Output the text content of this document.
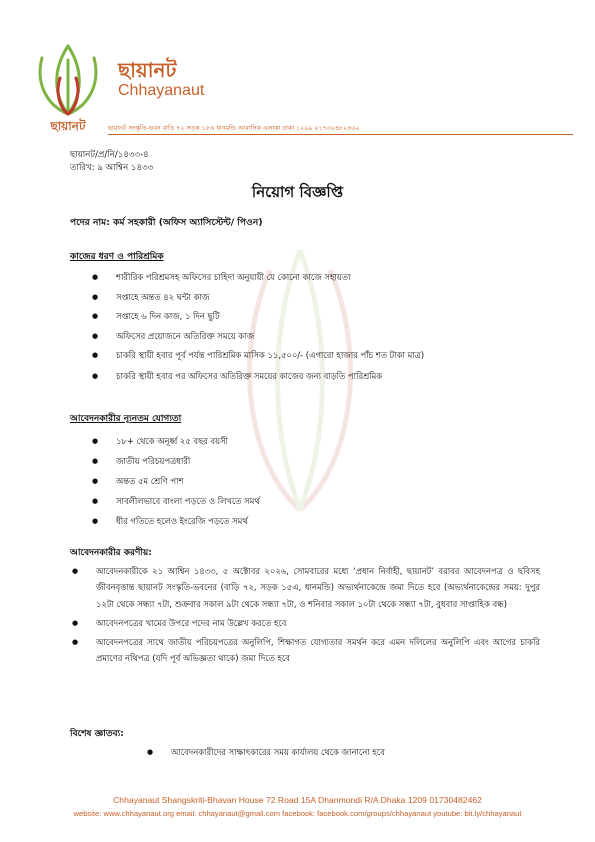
ছায়ানট
ছায়ানট
Chhayanaut
ছায়ানট সংস্কৃতি-ভবন বাড়ি ৭২ সড়ক ১৫এ ধানমন্ডি আবাসিক এলাকা ঢাকা ১২০৯ ০১৭৩০৪৮২৪৬২
ছায়ানট/প্র/নি/১৪৩৩-৪
তারিখ: ৯ আশ্বিন ১৪৩৩
নিয়োগ বিজ্ঞপ্তি
পদের নাম: কর্ম সহকারী (অফিস অ্যাসিস্টেন্ট/ পিওন)
কাজের ধরণ ও পারিশ্রমিক
● শারীরিক পরিশ্রমসহ অফিসের চাহিদা অনুযায়ী যে কোনো কাজে সহায়তা
● সপ্তাহে অন্তত ৪২ ঘন্টা কাজ
● সপ্তাহে ৬ দিন কাজ, ১ দিন ছুটি
● অফিসের প্রয়োজনে অতিরিক্ত সময়ে কাজ
● চাকরি স্থায়ী হবার পূর্ব পর্যন্ত পারিশ্রমিক মাসিক ১১,৫০০/- (এগারো হাজার পাঁচ শত টাকা মাত্র)
● চাকরি স্থায়ী হবার পর অফিসের অতিরিক্ত সময়ের কাজের জন্য বাড়তি পারিশ্রমিক
আবেদনকারীর ন্যূনতম যোগ্যতা
● ১৮+ থেকে অনূর্ধ্ব ২৫ বছর বয়সী
● জাতীয় পরিচয়পত্রধারী
● অন্তত ৫ম শ্রেণি পাশ
● সাবলীলভাবে বাংলা পড়তে ও লিখতে সমর্থ
● ধীর গতিতে হলেও ইংরেজি পড়তে সমর্থ
আবেদনকারীর করণীয়:
● আবেদনকারীকে ২১ আশ্বিন ১৪৩৩, ৫ অক্টোবর ২০২৬, সোমবারের মধ্যে ‘প্রধান নির্বাহী, ছায়ানট’ বরাবর আবেদনপত্র ও ছবিসহ জীবনবৃত্তান্ত ছায়ানট সংস্কৃতি-ভবনের (বাড়ি ৭২, সড়ক ১৫এ, ধানমন্ডি) অভ্যর্থনাকেন্দ্রে জমা দিতে হবে (অভ্যর্থনাকেন্দ্রের সময়: দুপুর ১২টা থেকে সন্ধ্যা ৭টা, শুক্রবার সকাল ৯টা থেকে সন্ধ্যা ৭টা, ও শনিবার সকাল ১০টা থেকে সন্ধ্যা ৭টা, বুধবার সাপ্তাহিক বন্ধ)
● আবেদনপত্রের খামের উপরে পদের নাম উল্লেখ করতে হবে
● আবেদনপত্রের সাথে জাতীয় পরিচয়পত্রের অনুলিপি, শিক্ষাগত যোগ্যতার সমর্থন করে এমন দলিলের অনুলিপি এবং আগের চাকরি প্রমাণের নথিপত্র (যদি পূর্ব অভিজ্ঞতা থাকে) জমা দিতে হবে
বিশেষ জ্ঞাতব্য:
● আবেদনকারীদের সাক্ষাৎকারের সময় কার্যালয় থেকে জানানো হবে
Chhayanaut Shangskriti-Bhavan House 72 Road 15A Dhanmondi R/A Dhaka 1209 01730482462
website: www.chhayanaut.org email: chhayanaut@gmail.com facebook: facebook.com/groups/chhayanaut youtube: bit.ly/chhayanaut
